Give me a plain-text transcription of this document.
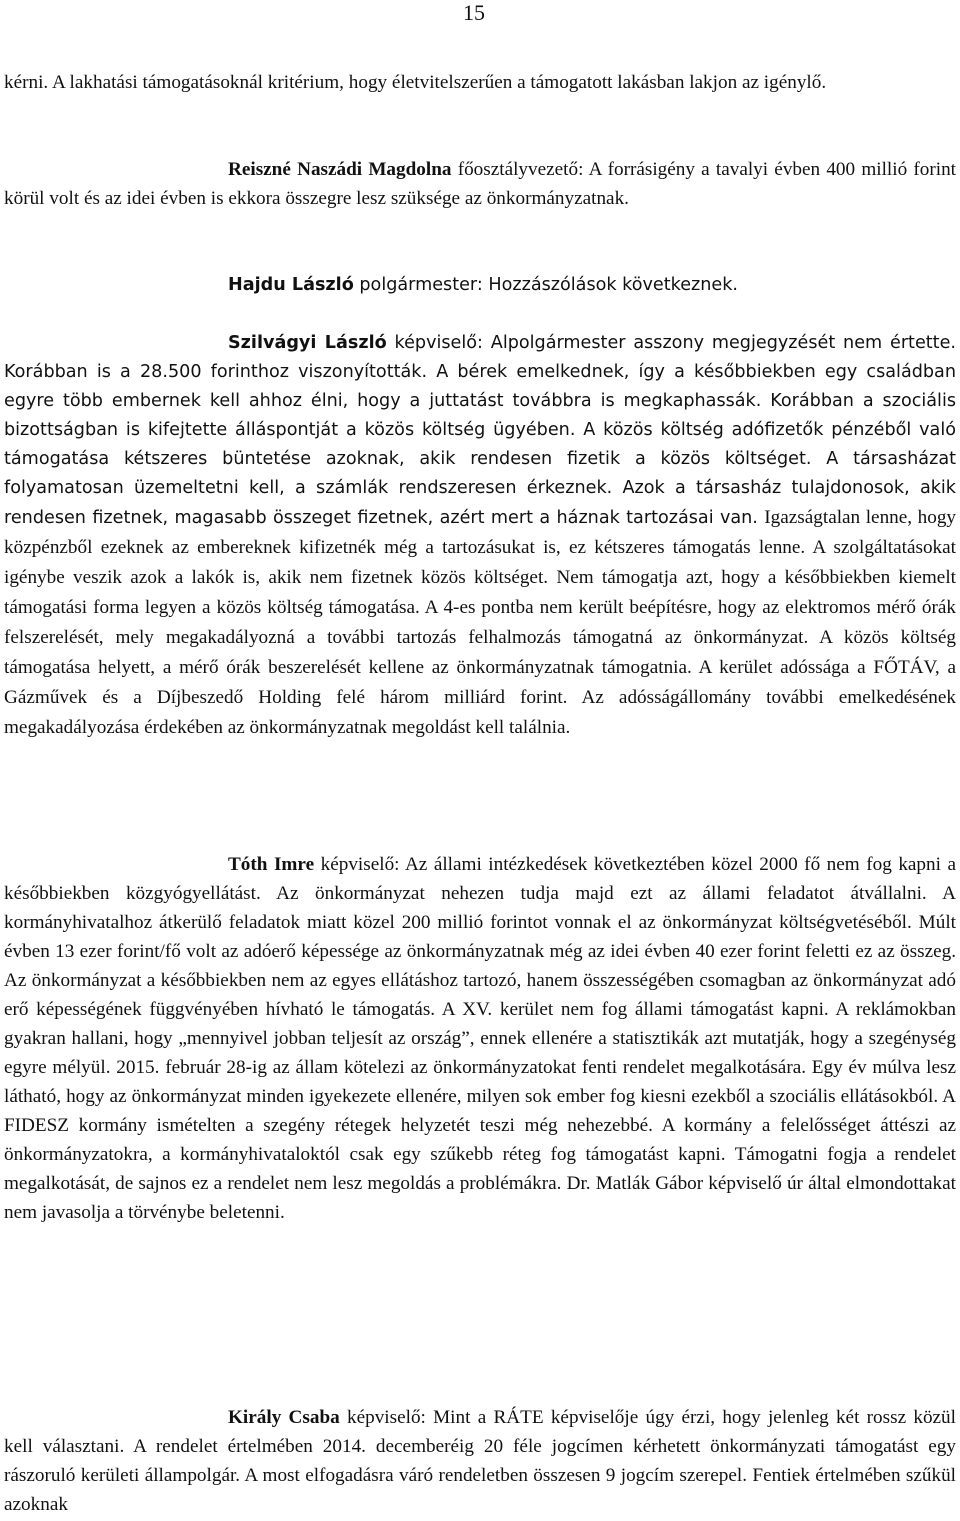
15

kérni. A lakhatási támogatásoknál kritérium, hogy életvitelszerűen a támogatott lakásban lakjon az igénylő.

Reiszné Naszádi Magdolna főosztályvezető: A forrásigény a tavalyi évben 400 millió forint körül volt és az idei évben is ekkora összegre lesz szüksége az önkormányzatnak.

Hajdu László polgármester: Hozzászólások következnek.

Szilvágyi László képviselő: Alpolgármester asszony megjegyzését nem értette. Korábban is a 28.500 forinthoz viszonyították. A bérek emelkednek, így a későbbiekben egy családban egyre több embernek kell ahhoz élni, hogy a juttatást továbbra is megkaphassák. Korábban a szociális bizottságban is kifejtette álláspontját a közös költség ügyében. A közös költség adófizetők pénzéből való támogatása kétszeres büntetése azoknak, akik rendesen fizetik a közös költséget. A társasházat folyamatosan üzemeltetni kell, a számlák rendszeresen érkeznek. Azok a társasház tulajdonosok, akik rendesen fizetnek, magasabb összeget fizetnek, azért mert a háznak tartozásai van. Igazságtalan lenne, hogy közpénzből ezeknek az embereknek kifizetnék még a tartozásukat is, ez kétszeres támogatás lenne. A szolgáltatásokat igénybe veszik azok a lakók is, akik nem fizetnek közös költséget. Nem támogatja azt, hogy a későbbiekben kiemelt támogatási forma legyen a közös költség támogatása. A 4-es pontba nem került beépítésre, hogy az elektromos mérő órák felszerelését, mely megakadályozná a további tartozás felhalmozás támogatná az önkormányzat. A közös költség támogatása helyett, a mérő órák beszerelését kellene az önkormányzatnak támogatnia. A kerület adóssága a FŐTÁV, a Gázművek és a Díjbeszedő Holding felé három milliárd forint. Az adósságállomány további emelkedésének megakadályozása érdekében az önkormányzatnak megoldást kell találnia.

Tóth Imre képviselő: Az állami intézkedések következtében közel 2000 fő nem fog kapni a későbbiekben közgyógyellátást. Az önkormányzat nehezen tudja majd ezt az állami feladatot átvállalni. A kormányhivatalhoz átkerülő feladatok miatt közel 200 millió forintot vonnak el az önkormányzat költségvetéséből. Múlt évben 13 ezer forint/fő volt az adóerő képessége az önkormányzatnak még az idei évben 40 ezer forint feletti ez az összeg. Az önkormányzat a későbbiekben nem az egyes ellátáshoz tartozó, hanem összességében csomagban az önkormányzat adó erő képességének függvényében hívható le támogatás. A XV. kerület nem fog állami támogatást kapni. A reklámokban gyakran hallani, hogy „mennyivel jobban teljesít az ország”, ennek ellenére a statisztikák azt mutatják, hogy a szegénység egyre mélyül. 2015. február 28-ig az állam kötelezi az önkormányzatokat fenti rendelet megalkotására. Egy év múlva lesz látható, hogy az önkormányzat minden igyekezete ellenére, milyen sok ember fog kiesni ezekből a szociális ellátásokból. A FIDESZ kormány ismételten a szegény rétegek helyzetét teszi még nehezebbé. A kormány a felelősséget áttészi az önkormányzatokra, a kormányhivataloktól csak egy szűkebb réteg fog támogatást kapni. Támogatni fogja a rendelet megalkotását, de sajnos ez a rendelet nem lesz megoldás a problémákra. Dr. Matlák Gábor képviselő úr által elmondottakat nem javasolja a törvénybe beletenni.

Király Csaba képviselő: Mint a RÁTE képviselője úgy érzi, hogy jelenleg két rossz közül kell választani. A rendelet értelmében 2014. decemberéig 20 féle jogcímen kérhetett önkormányzati támogatást egy rászoruló kerületi állampolgár. A most elfogadásra váró rendeletben összesen 9 jogcím szerepel. Fentiek értelmében szűkül azoknak
